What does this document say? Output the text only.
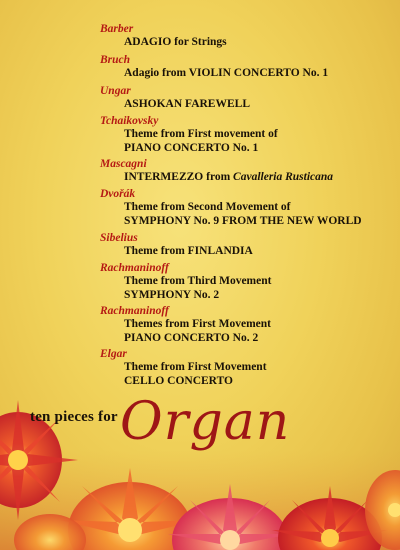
Barber
ADAGIO for Strings
Bruch
Adagio from VIOLIN CONCERTO No. 1
Ungar
ASHOKAN FAREWELL
Tchaikovsky
Theme from First movement of
PIANO CONCERTO No. 1
Mascagni
INTERMEZZO from Cavalleria Rusticana
Dvořák
Theme from Second Movement of
SYMPHONY No. 9 FROM THE NEW WORLD
Sibelius
Theme from FINLANDIA
Rachmaninoff
Theme from Third Movement
SYMPHONY No. 2
Rachmaninoff
Themes from First Movement
PIANO CONCERTO No. 2
Elgar
Theme from First Movement
CELLO CONCERTO
ten pieces for Organ
